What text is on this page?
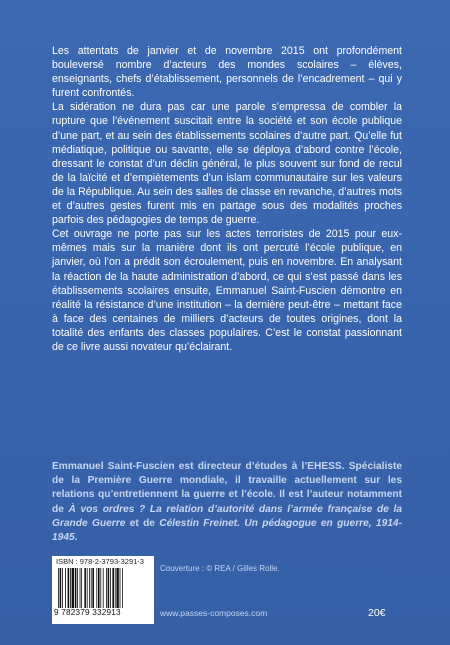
Les attentats de janvier et de novembre 2015 ont profondément bouleversé nombre d’acteurs des mondes scolaires – élèves, enseignants, chefs d’établissement, personnels de l’encadrement – qui y furent confrontés.

La sidération ne dura pas car une parole s’empressa de combler la rupture que l’événement suscitait entre la société et son école publique d’une part, et au sein des établissements scolaires d’autre part. Qu’elle fut médiatique, politique ou savante, elle se déploya d’abord contre l’école, dressant le constat d’un déclin général, le plus souvent sur fond de recul de la laïcité et d’empiètements d’un islam communautaire sur les valeurs de la République. Au sein des salles de classe en revanche, d’autres mots et d’autres gestes furent mis en partage sous des modalités proches parfois des pédagogies de temps de guerre.

Cet ouvrage ne porte pas sur les actes terroristes de 2015 pour eux-mêmes mais sur la manière dont ils ont percuté l’école publique, en janvier, où l’on a prédit son écroulement, puis en novembre. En analysant la réaction de la haute administration d’abord, ce qui s’est passé dans les établissements scolaires ensuite, Emmanuel Saint-Fuscien démontre en réalité la résistance d’une institution – la dernière peut-être – mettant face à face des centaines de milliers d’acteurs de toutes origines, dont la totalité des enfants des classes populaires. C’est le constat passionnant de ce livre aussi novateur qu’éclairant.

Emmanuel Saint-Fuscien est directeur d’études à l’EHESS. Spécialiste de la Première Guerre mondiale, il travaille actuellement sur les relations qu’entretiennent la guerre et l’école. Il est l’auteur notamment de À vos ordres ? La relation d’autorité dans l’armée française de la Grande Guerre et de Célestin Freinet. Un pédagogue en guerre, 1914-1945.

ISBN : 978-2-3793-3291-3
9 782379 332913
Couverture : © REA / Gilles Rolle.
www.passes-composes.com	20€
